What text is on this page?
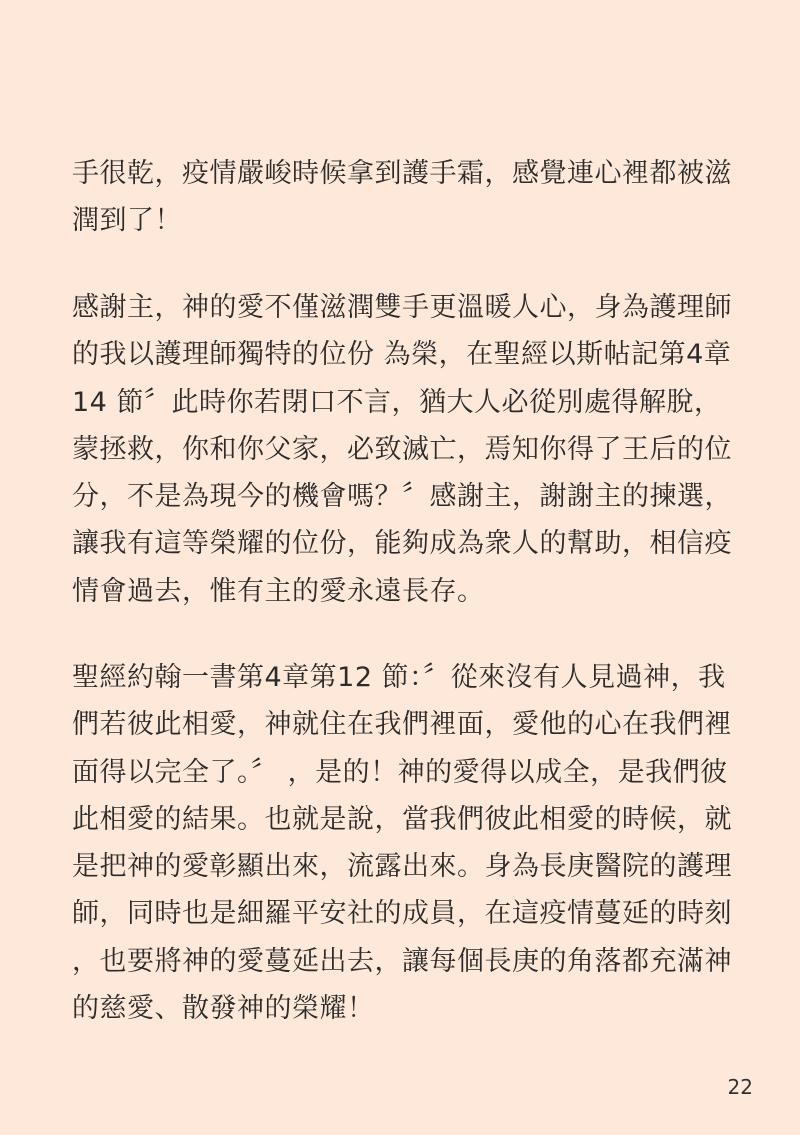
手很乾，疫情嚴峻時候拿到護手霜，感覺連心裡都被滋
潤到了！
感謝主，神的愛不僅滋潤雙手更溫暖人心，身為護理師
的我以護理師獨特的位份 為榮，在聖經以斯帖記第4章
14 節〞此時你若閉口不言，猶大人必從別處得解脫，
蒙拯救，你和你父家，必致滅亡，焉知你得了王后的位
分，不是為現今的機會嗎？〞感謝主，謝謝主的揀選，
讓我有這等榮耀的位份，能夠成為衆人的幫助，相信疫
情會過去，惟有主的愛永遠長存。
聖經約翰一書第4章第12 節：〞從來沒有人見過神，我
們若彼此相愛，神就住在我們裡面，愛他的心在我們裡
面得以完全了。〞 ，是的！神的愛得以成全，是我們彼
此相愛的結果。也就是說，當我們彼此相愛的時候，就
是把神的愛彰顯出來，流露出來。身為長庚醫院的護理
師，同時也是細羅平安社的成員，在這疫情蔓延的時刻
，也要將神的愛蔓延出去，讓每個長庚的角落都充滿神
的慈愛、散發神的榮耀！
22
